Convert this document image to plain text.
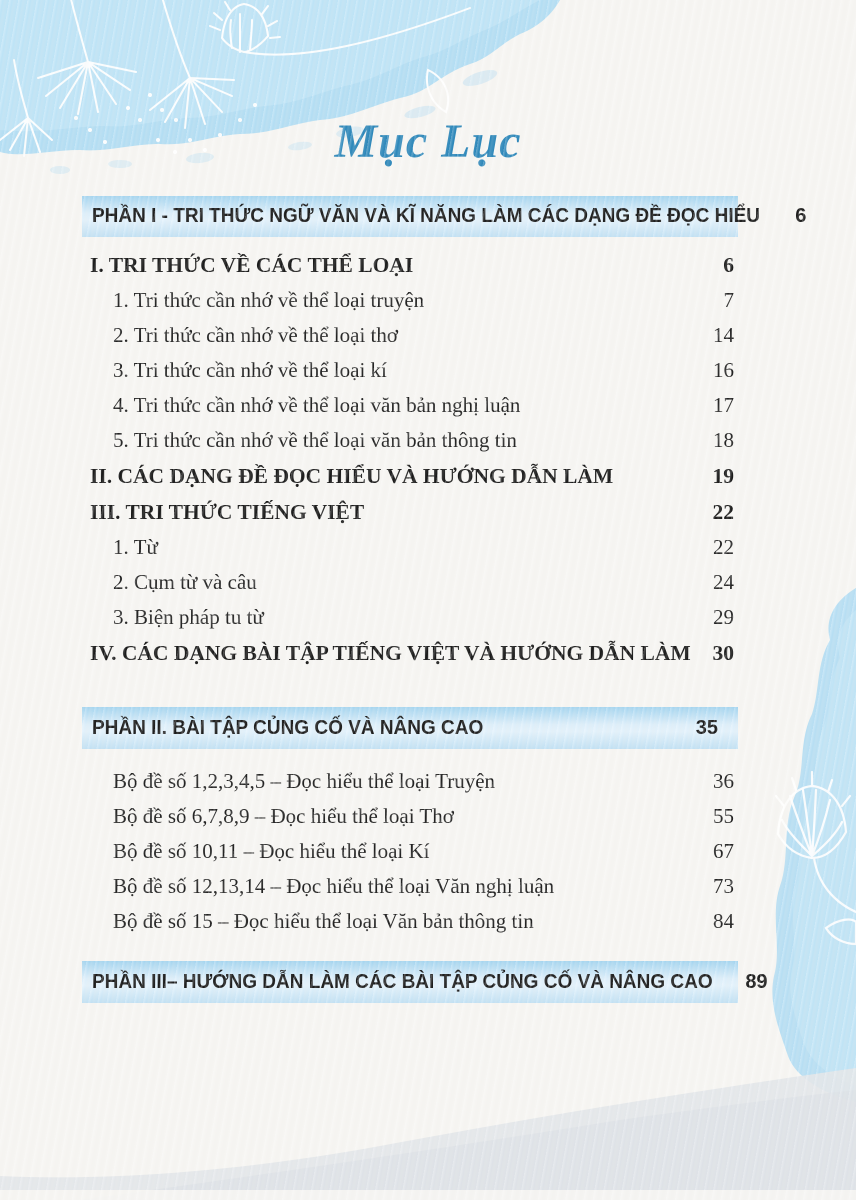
Mục Lục
PHẦN I - TRI THỨC NGỮ VĂN VÀ KĨ NĂNG LÀM CÁC DẠNG ĐỀ ĐỌC HIỂU 6
I. TRI THỨC VỀ CÁC THỂ LOẠI	6
1. Tri thức cần nhớ về thể loại truyện	7
2. Tri thức cần nhớ về thể loại thơ	14
3. Tri thức cần nhớ về thể loại kí	16
4. Tri thức cần nhớ về thể loại văn bản nghị luận	17
5. Tri thức cần nhớ về thể loại văn bản thông tin	18
II. CÁC DẠNG ĐỀ ĐỌC HIỂU VÀ HƯỚNG DẪN LÀM	19
III. TRI THỨC TIẾNG VIỆT	22
1. Từ	22
2. Cụm từ và câu	24
3. Biện pháp tu từ	29
IV. CÁC DẠNG BÀI TẬP TIẾNG VIỆT VÀ HƯỚNG DẪN LÀM 30
PHẦN II. BÀI TẬP CỦNG CỐ VÀ NÂNG CAO	35
Bộ đề số 1,2,3,4,5 – Đọc hiểu thể loại Truyện	36
Bộ đề số 6,7,8,9 – Đọc hiểu thể loại Thơ	55
Bộ đề số 10,11 – Đọc hiểu thể loại Kí	67
Bộ đề số 12,13,14 – Đọc hiểu thể loại Văn nghị luận	73
Bộ đề số 15 – Đọc hiểu thể loại Văn bản thông tin	84
PHẦN III– HƯỚNG DẪN LÀM CÁC BÀI TẬP CỦNG CỐ VÀ NÂNG CAO 89
